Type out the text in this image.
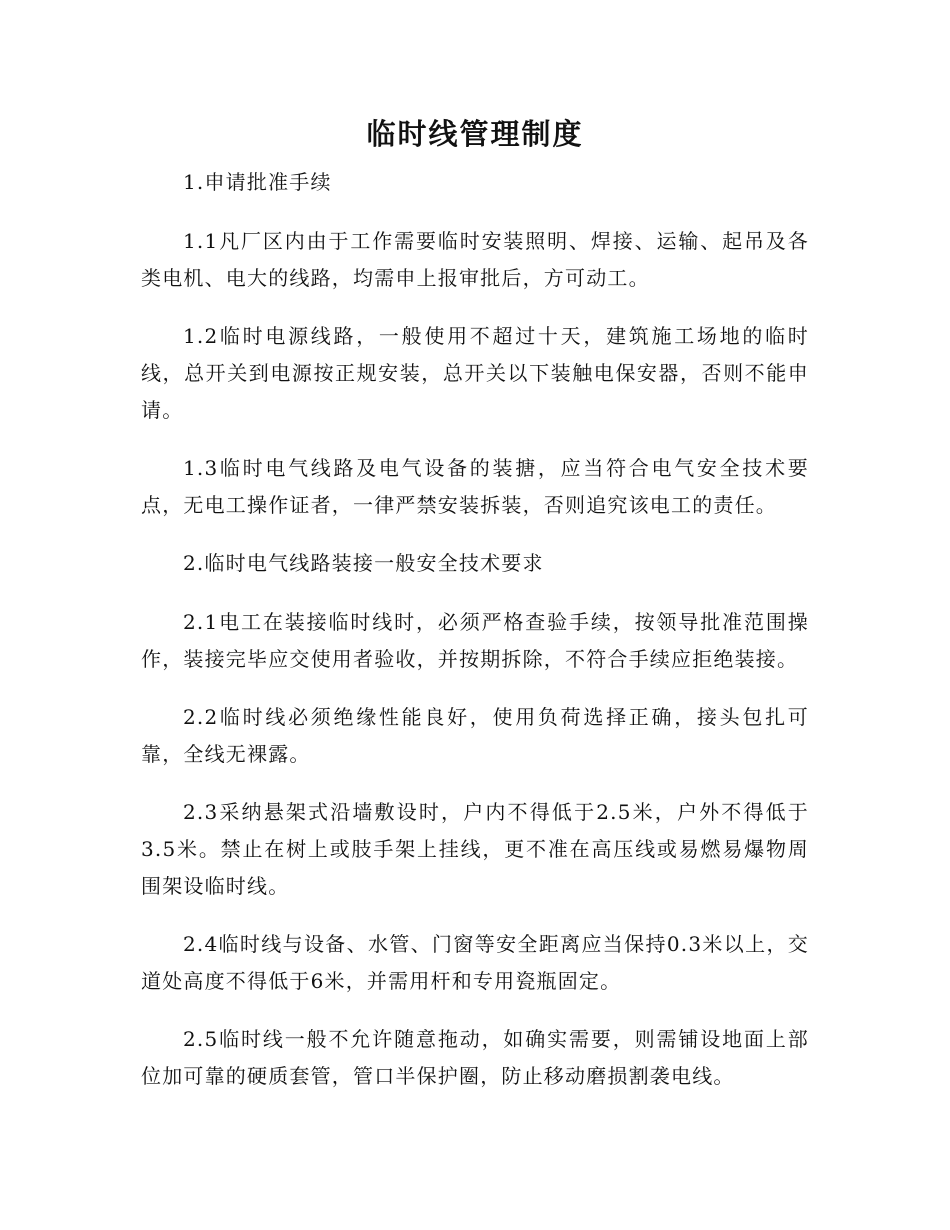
临时线管理制度

1.申请批准手续

1.1凡厂区内由于工作需要临时安装照明、焊接、运输、起吊及各类电机、电大的线路，均需申上报审批后，方可动工。

1.2临时电源线路，一般使用不超过十天，建筑施工场地的临时线，总开关到电源按正规安装，总开关以下装触电保安器，否则不能申请。

1.3临时电气线路及电气设备的装搪，应当符合电气安全技术要点，无电工操作证者，一律严禁安装拆装，否则追究该电工的责任。

2.临时电气线路装接一般安全技术要求

2.1电工在装接临时线时，必须严格查验手续，按领导批准范围操作，装接完毕应交使用者验收，并按期拆除，不符合手续应拒绝装接。

2.2临时线必须绝缘性能良好，使用负荷选择正确，接头包扎可靠，全线无裸露。

2.3采纳悬架式沿墙敷设时，户内不得低于2.5米，户外不得低于3.5米。禁止在树上或肢手架上挂线，更不准在高压线或易燃易爆物周围架设临时线。

2.4临时线与设备、水管、门窗等安全距离应当保持0.3米以上，交道处高度不得低于6米，并需用杆和专用瓷瓶固定。

2.5临时线一般不允许随意拖动，如确实需要，则需铺设地面上部位加可靠的硬质套管，管口半保护圈，防止移动磨损割袭电线。
